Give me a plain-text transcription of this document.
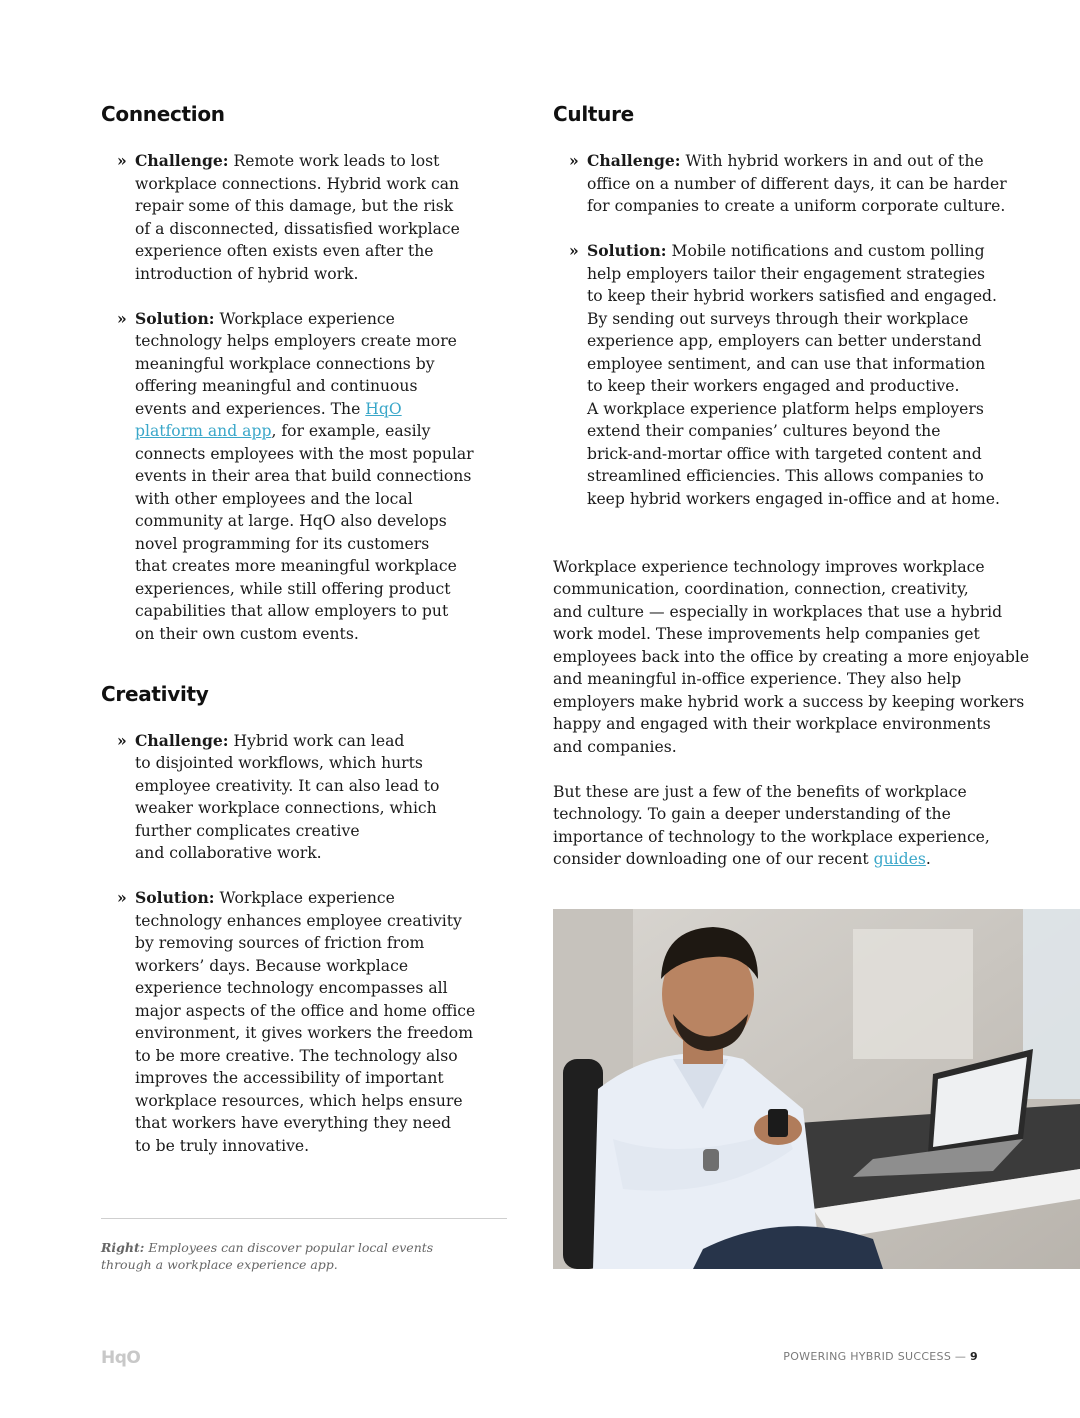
Connection
» Challenge: Remote work leads to lost
workplace connections. Hybrid work can
repair some of this damage, but the risk
of a disconnected, dissatisfied workplace
experience often exists even after the
introduction of hybrid work.
» Solution: Workplace experience
technology helps employers create more
meaningful workplace connections by
offering meaningful and continuous
events and experiences. The HqO
platform and app, for example, easily
connects employees with the most popular
events in their area that build connections
with other employees and the local
community at large. HqO also develops
novel programming for its customers
that creates more meaningful workplace
experiences, while still offering product
capabilities that allow employers to put
on their own custom events.
Creativity
» Challenge: Hybrid work can lead
to disjointed workflows, which hurts
employee creativity. It can also lead to
weaker workplace connections, which
further complicates creative
and collaborative work.
» Solution: Workplace experience
technology enhances employee creativity
by removing sources of friction from
workers’ days. Because workplace
experience technology encompasses all
major aspects of the office and home office
environment, it gives workers the freedom
to be more creative. The technology also
improves the accessibility of important
workplace resources, which helps ensure
that workers have everything they need
to be truly innovative.
Culture
» Challenge: With hybrid workers in and out of the
office on a number of different days, it can be harder
for companies to create a uniform corporate culture.
» Solution: Mobile notifications and custom polling
help employers tailor their engagement strategies
to keep their hybrid workers satisfied and engaged.
By sending out surveys through their workplace
experience app, employers can better understand
employee sentiment, and can use that information
to keep their workers engaged and productive.
A workplace experience platform helps employers
extend their companies’ cultures beyond the
brick-and-mortar office with targeted content and
streamlined efficiencies. This allows companies to
keep hybrid workers engaged in-office and at home.

Workplace experience technology improves workplace
communication, coordination, connection, creativity,
and culture — especially in workplaces that use a hybrid
work model. These improvements help companies get
employees back into the office by creating a more enjoyable
and meaningful in-office experience. They also help
employers make hybrid work a success by keeping workers
happy and engaged with their workplace environments
and companies.

But these are just a few of the benefits of workplace
technology. To gain a deeper understanding of the
importance of technology to the workplace experience,
consider downloading one of our recent guides.

Right: Employees can discover popular local events
through a workplace experience app.
HqO	POWERING HYBRID SUCCESS — 9
